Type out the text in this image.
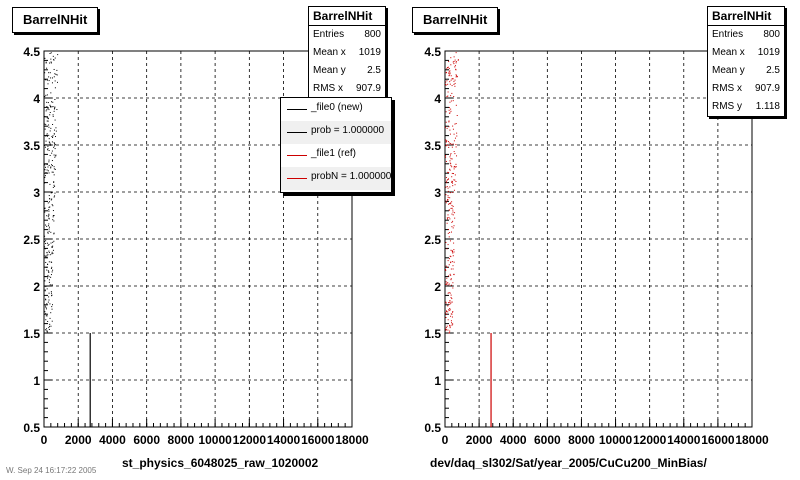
0 2000 4000 6000 8000 10000 12000 14000 16000 18000
0.5
1
1.5
2
2.5
3
3.5
4
4.5
0 2000 4000 6000 8000 10000 12000 14000 16000 18000
0.5
1
1.5
2
2.5
3
3.5
4
4.5
BarrelNHit	BarrelNHit
Entries 800
Mean x 1019
Mean y 2.5
RMS x 907.9
_file0 (new)
prob = 1.000000
_file1 (ref)
probN = 1.000000
st_physics_6048025_raw_1020002
BarrelNHit	BarrelNHit
Entries 800
Mean x 1019
Mean y 2.5
RMS x 907.9
RMS y 1.118
dev/daq_sl302/Sat/year_2005/CuCu200_MinBias/
W. Sep 24 16:17:22 2005
